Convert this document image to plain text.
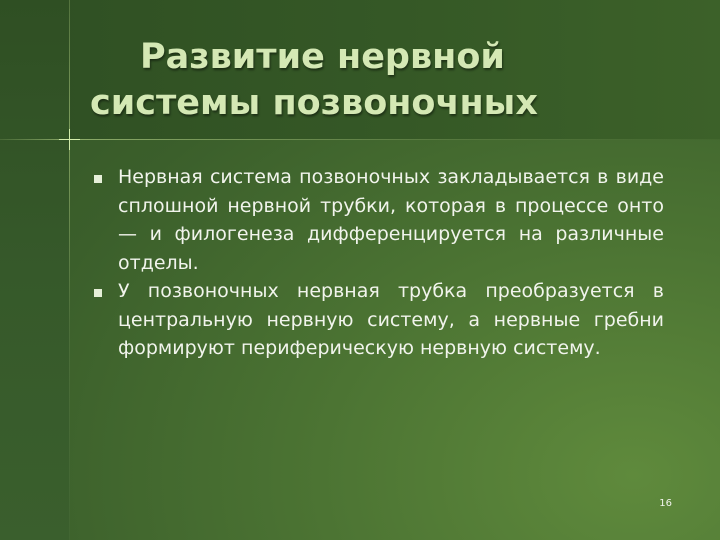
Развитие нервной
системы позвоночных
Нервная система позвоночных закладывается в виде сплошной нервной трубки, которая в процессе онто— и филогенеза дифференцируется на различные отделы.
У позвоночных нервная трубка преобразуется в центральную нервную систему, а нервные гребни формируют периферическую нервную систему.
16
